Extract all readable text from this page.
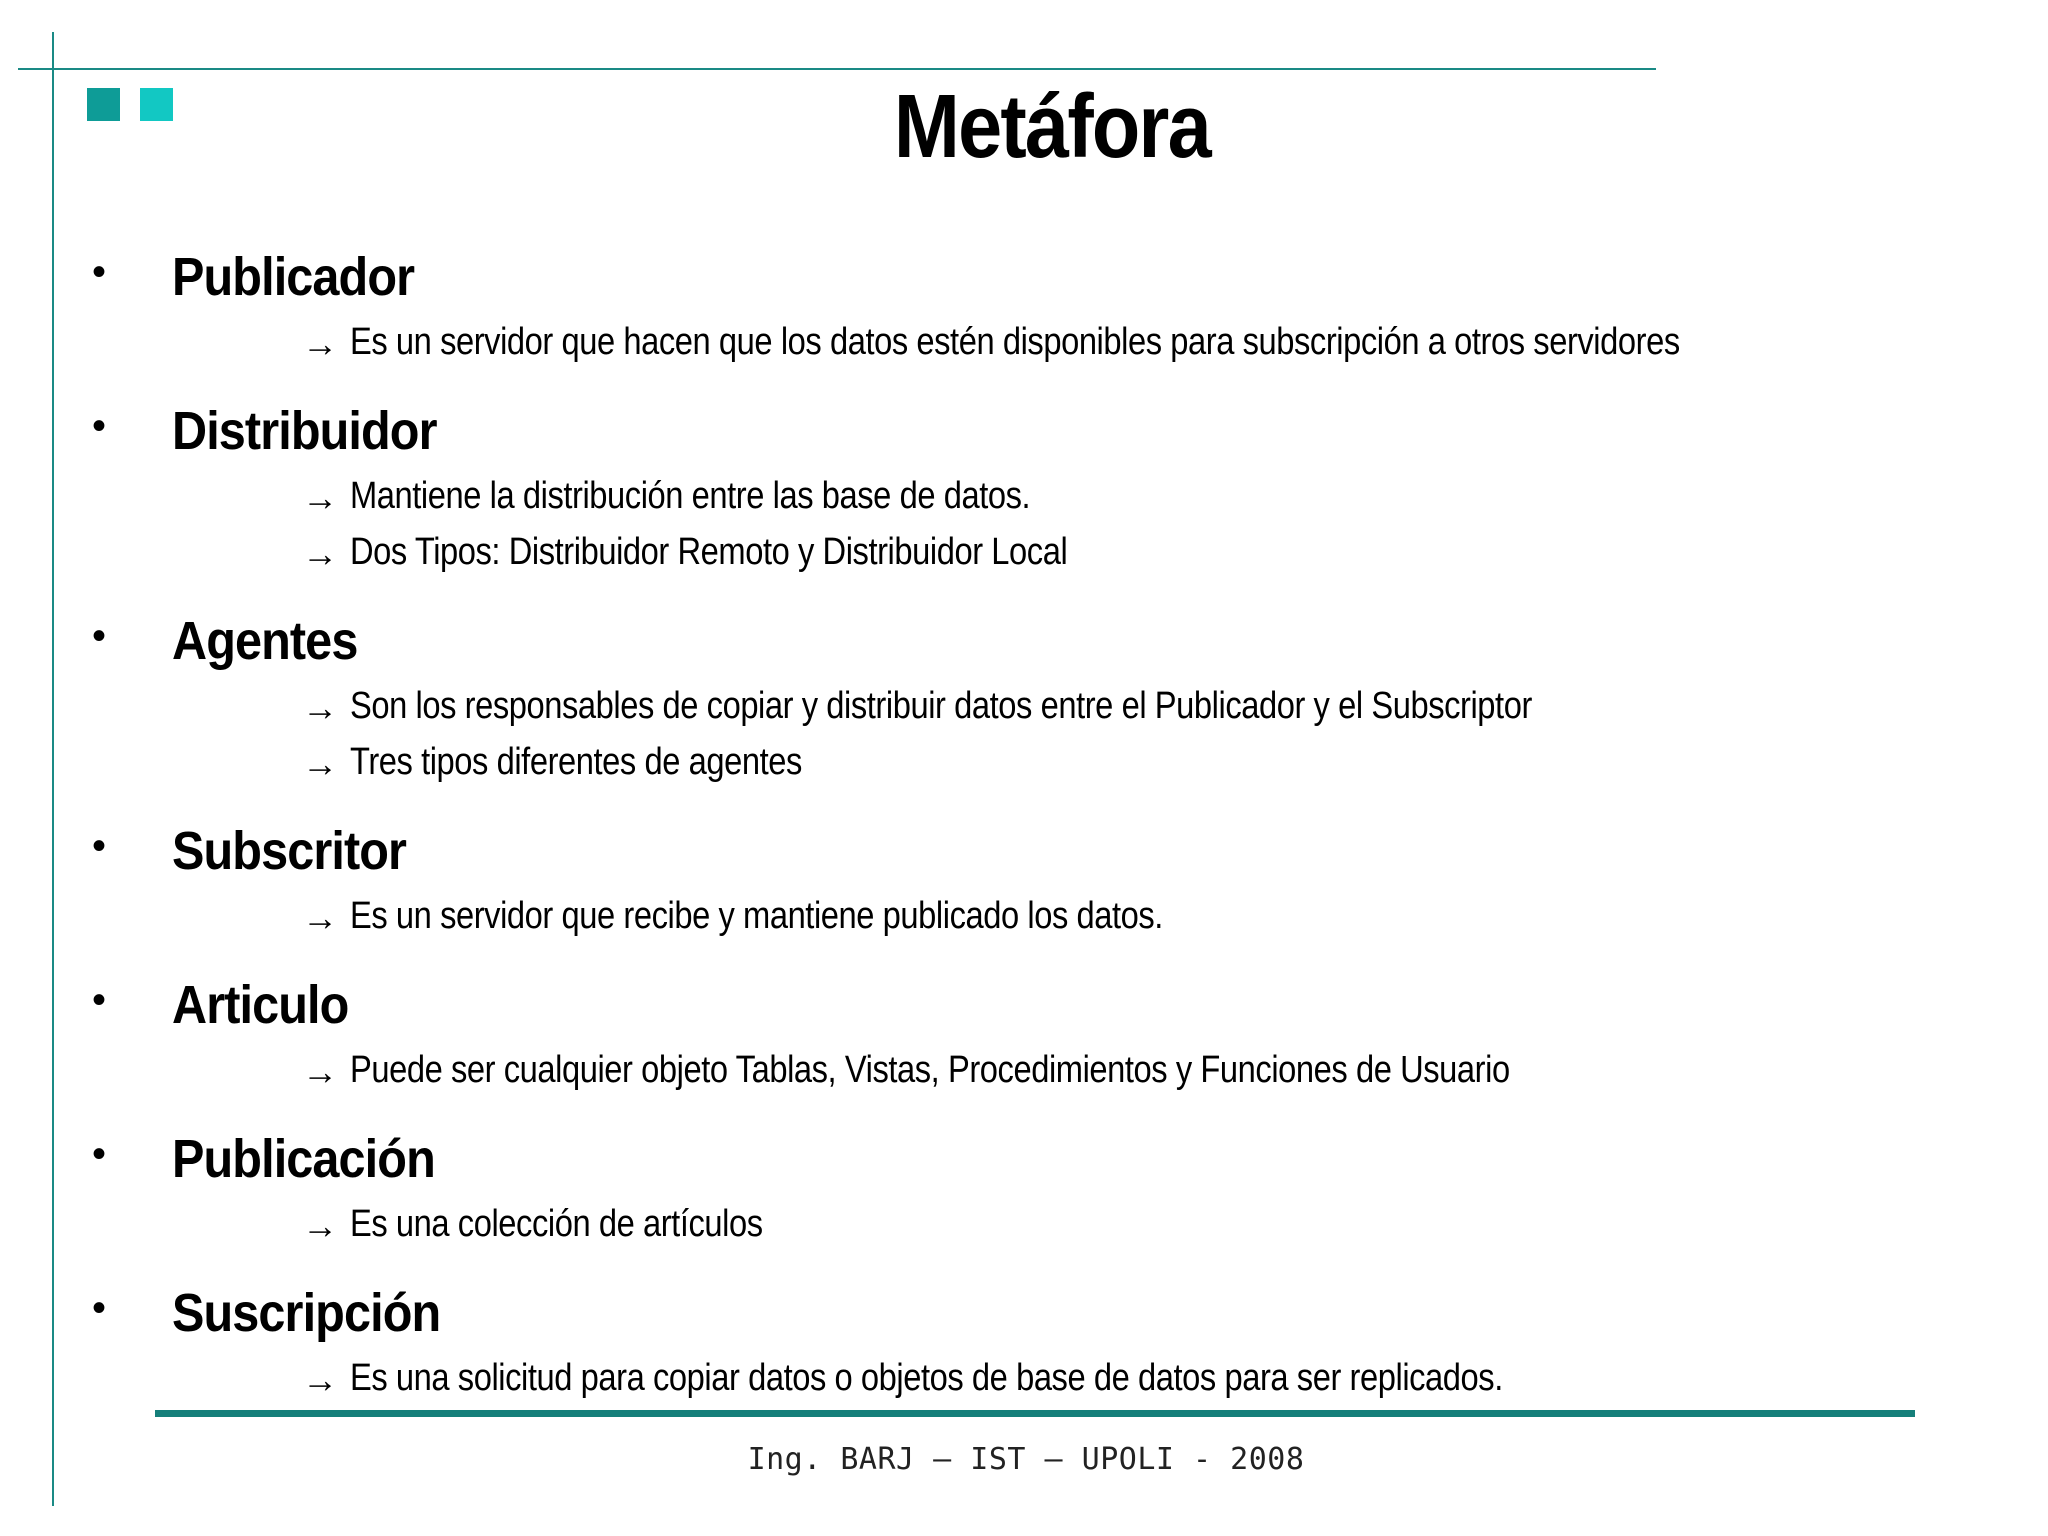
Metáfora
• Publicador
→ Es un servidor que hacen que los datos estén disponibles para subscripción a otros servidores
• Distribuidor
→ Mantiene la distribución entre las base de datos.
→ Dos Tipos: Distribuidor Remoto y Distribuidor Local
• Agentes
→ Son los responsables de copiar y distribuir datos entre el Publicador y el Subscriptor
→ Tres tipos diferentes de agentes
• Subscritor
→ Es un servidor que recibe y mantiene publicado los datos.
• Articulo
→ Puede ser cualquier objeto Tablas, Vistas, Procedimientos y Funciones de Usuario
• Publicación
→ Es una colección de artículos
• Suscripción
→ Es una solicitud para copiar datos o objetos de base de datos para ser replicados.
Ing. BARJ – IST – UPOLI - 2008
